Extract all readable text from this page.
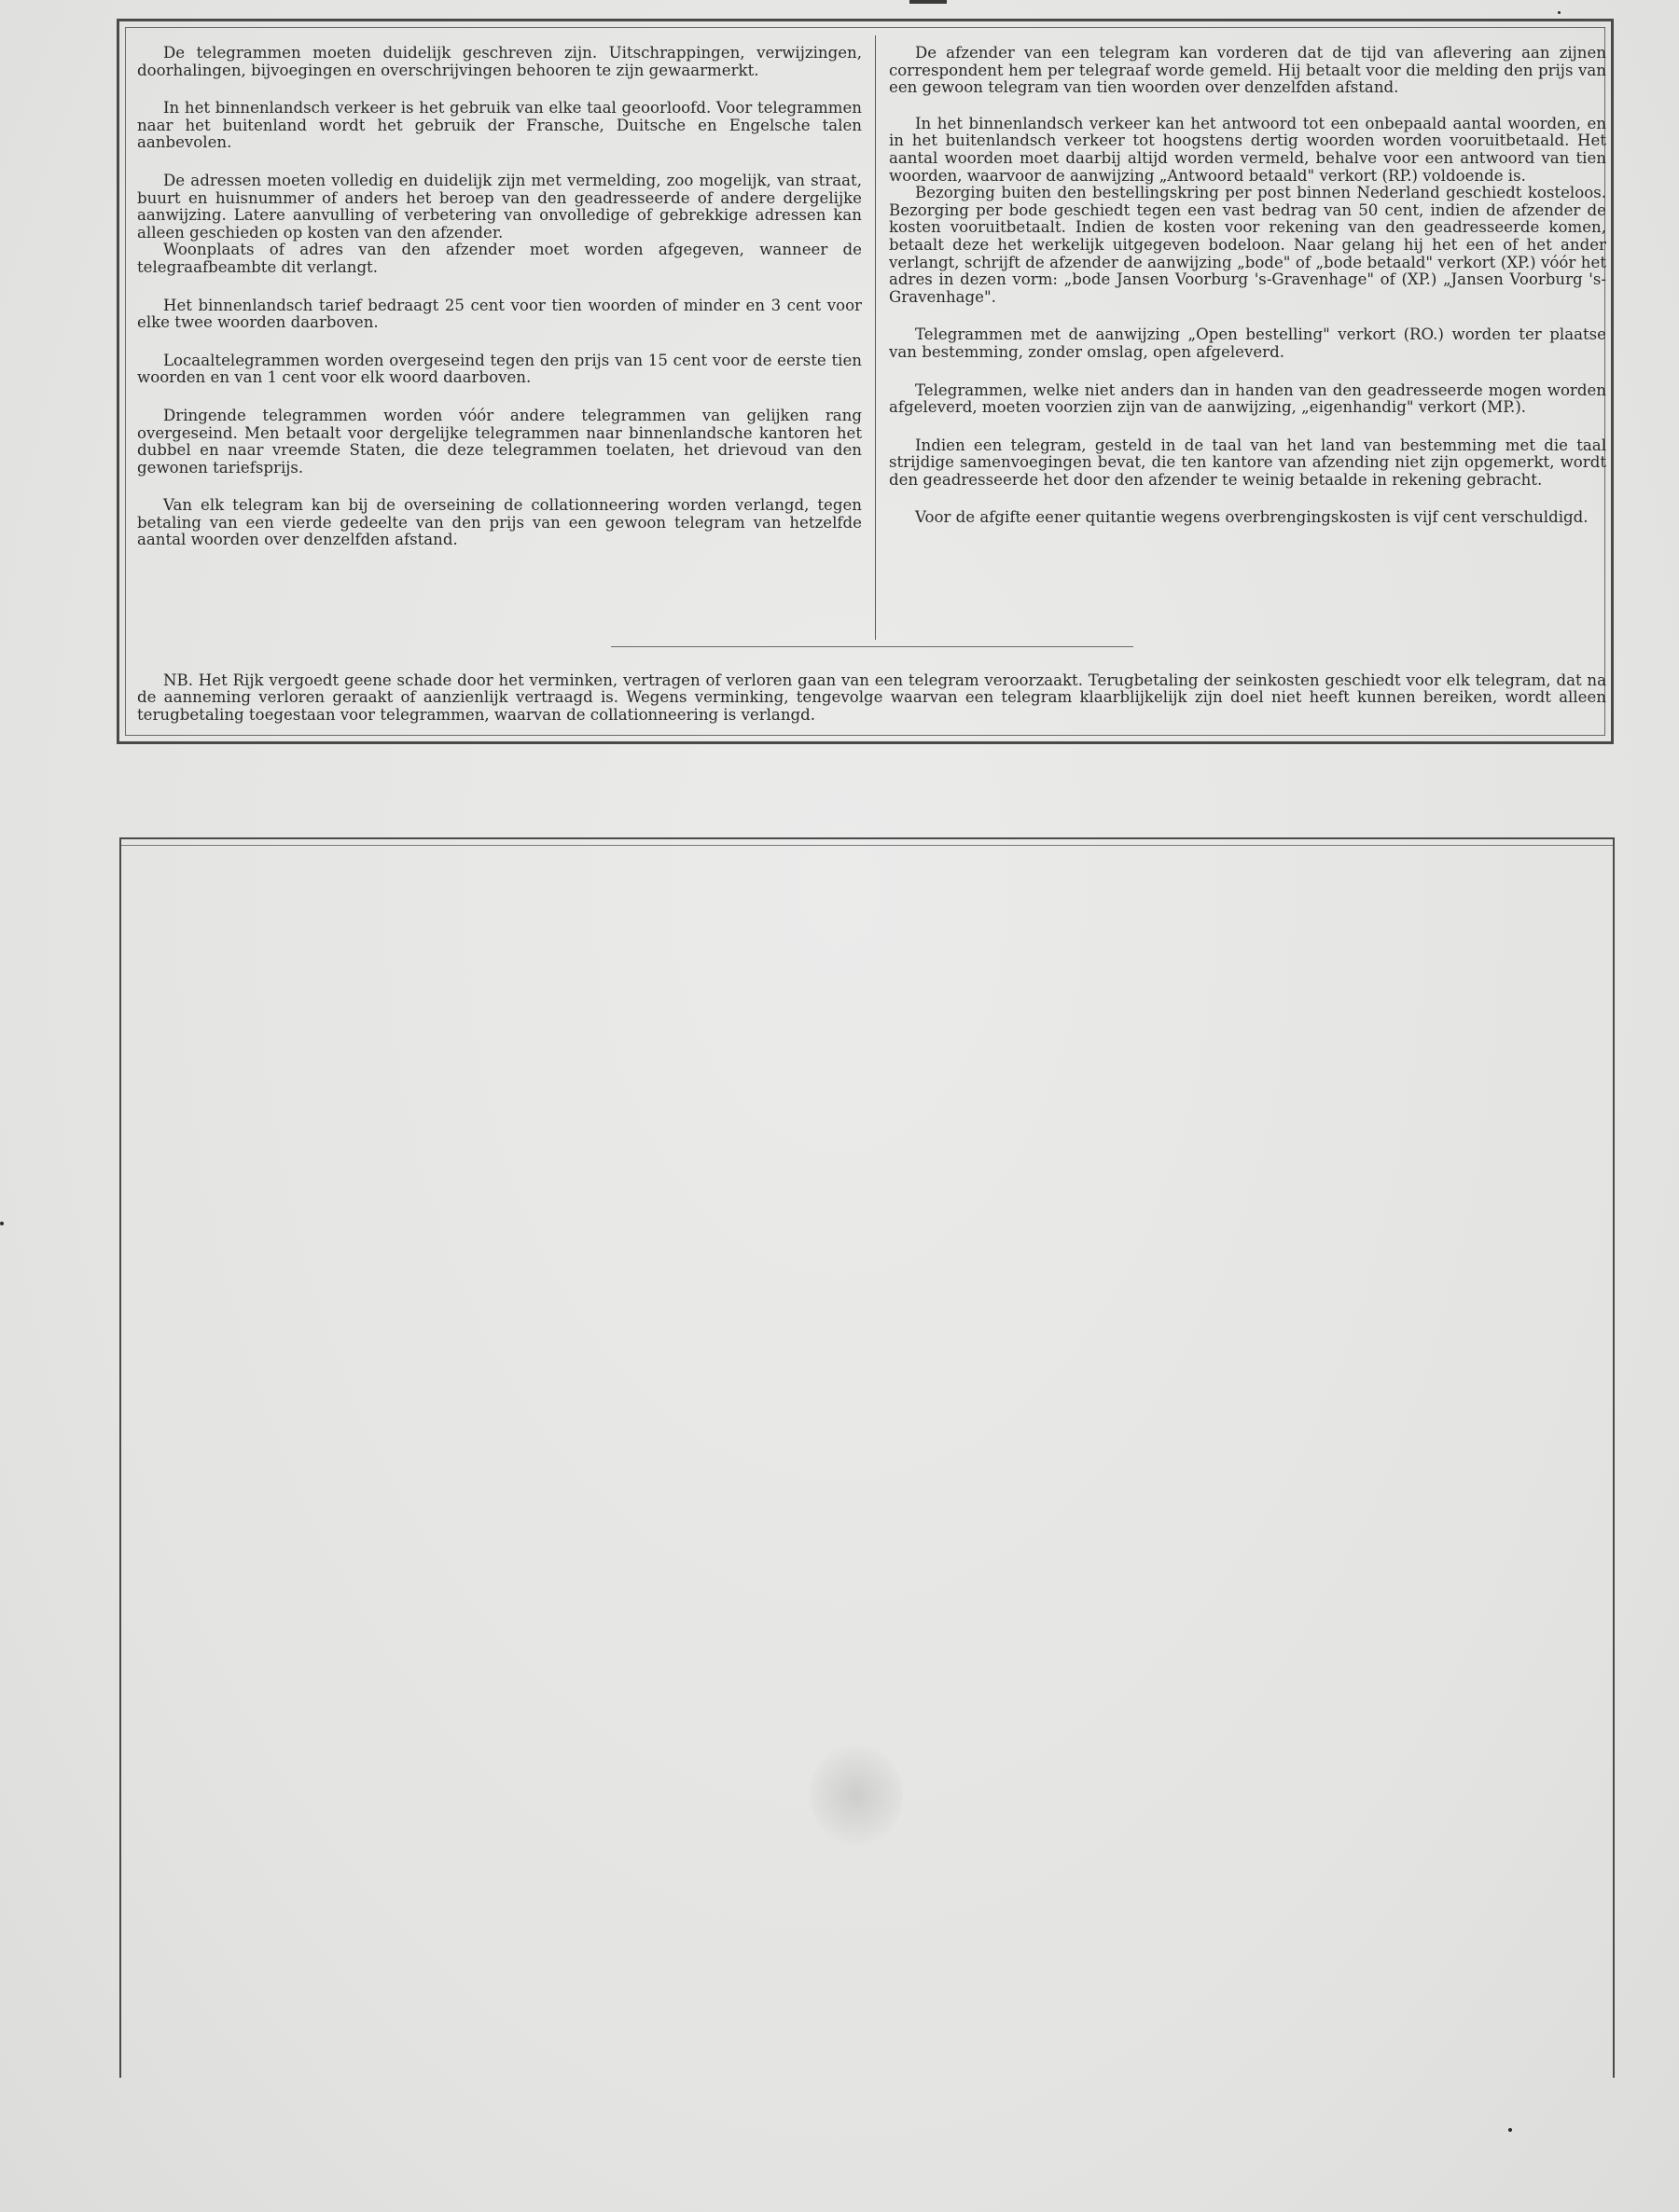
De telegrammen moeten duidelijk geschreven zijn. Uitschrappingen, verwijzingen, doorhalingen, bijvoegingen en overschrijvingen behooren te zijn gewaarmerkt.

In het binnenlandsch verkeer is het gebruik van elke taal geoorloofd. Voor telegrammen naar het buitenland wordt het gebruik der Fransche, Duitsche en Engelsche talen aanbevolen.

De adressen moeten volledig en duidelijk zijn met vermelding, zoo mogelijk, van straat, buurt en huisnummer of anders het beroep van den geadresseerde of andere dergelijke aanwijzing. Latere aanvulling of verbetering van onvolledige of gebrekkige adressen kan alleen geschieden op kosten van den afzender.

Woonplaats of adres van den afzender moet worden afgegeven, wanneer de telegraafbeambte dit verlangt.

Het binnenlandsch tarief bedraagt 25 cent voor tien woorden of minder en 3 cent voor elke twee woorden daarboven.

Locaaltelegrammen worden overgeseind tegen den prijs van 15 cent voor de eerste tien woorden en van 1 cent voor elk woord daarboven.

Dringende telegrammen worden vóór andere telegrammen van gelijken rang overgeseind. Men betaalt voor dergelijke telegrammen naar binnenlandsche kantoren het dubbel en naar vreemde Staten, die deze telegrammen toelaten, het drievoud van den gewonen tariefsprijs.

Van elk telegram kan bij de overseining de collationneering worden verlangd, tegen betaling van een vierde gedeelte van den prijs van een gewoon telegram van hetzelfde aantal woorden over denzelfden afstand.

De afzender van een telegram kan vorderen dat de tijd van aflevering aan zijnen correspondent hem per telegraaf worde gemeld. Hij betaalt voor die melding den prijs van een gewoon telegram van tien woorden over denzelfden afstand.

In het binnenlandsch verkeer kan het antwoord tot een onbepaald aantal woorden, en in het buitenlandsch verkeer tot hoogstens dertig woorden worden vooruitbetaald. Het aantal woorden moet daarbij altijd worden vermeld, behalve voor een antwoord van tien woorden, waarvoor de aanwijzing „Antwoord betaald" verkort (RP.) voldoende is.

Bezorging buiten den bestellingskring per post binnen Nederland geschiedt kosteloos. Bezorging per bode geschiedt tegen een vast bedrag van 50 cent, indien de afzender de kosten vooruitbetaalt. Indien de kosten voor rekening van den geadresseerde komen, betaalt deze het werkelijk uitgegeven bodeloon. Naar gelang hij het een of het ander verlangt, schrijft de afzender de aanwijzing „bode" of „bode betaald" verkort (XP.) vóór het adres in dezen vorm: „bode Jansen Voorburg 's-Gravenhage" of (XP.) „Jansen Voorburg 's-Gravenhage".

Telegrammen met de aanwijzing „Open bestelling" verkort (RO.) worden ter plaatse van bestemming, zonder omslag, open afgeleverd.

Telegrammen, welke niet anders dan in handen van den geadresseerde mogen worden afgeleverd, moeten voorzien zijn van de aanwijzing, „eigenhandig" verkort (MP.).

Indien een telegram, gesteld in de taal van het land van bestemming met die taal strijdige samenvoegingen bevat, die ten kantore van afzending niet zijn opgemerkt, wordt den geadresseerde het door den afzender te weinig betaalde in rekening gebracht.

Voor de afgifte eener quitantie wegens overbrengingskosten is vijf cent verschuldigd.

NB. Het Rijk vergoedt geene schade door het verminken, vertragen of verloren gaan van een telegram veroorzaakt. Terugbetaling der seinkosten geschiedt voor elk telegram, dat na de aanneming verloren geraakt of aanzienlijk vertraagd is. Wegens verminking, tengevolge waarvan een telegram klaarblijkelijk zijn doel niet heeft kunnen bereiken, wordt alleen terugbetaling toegestaan voor telegrammen, waarvan de collationneering is verlangd.
